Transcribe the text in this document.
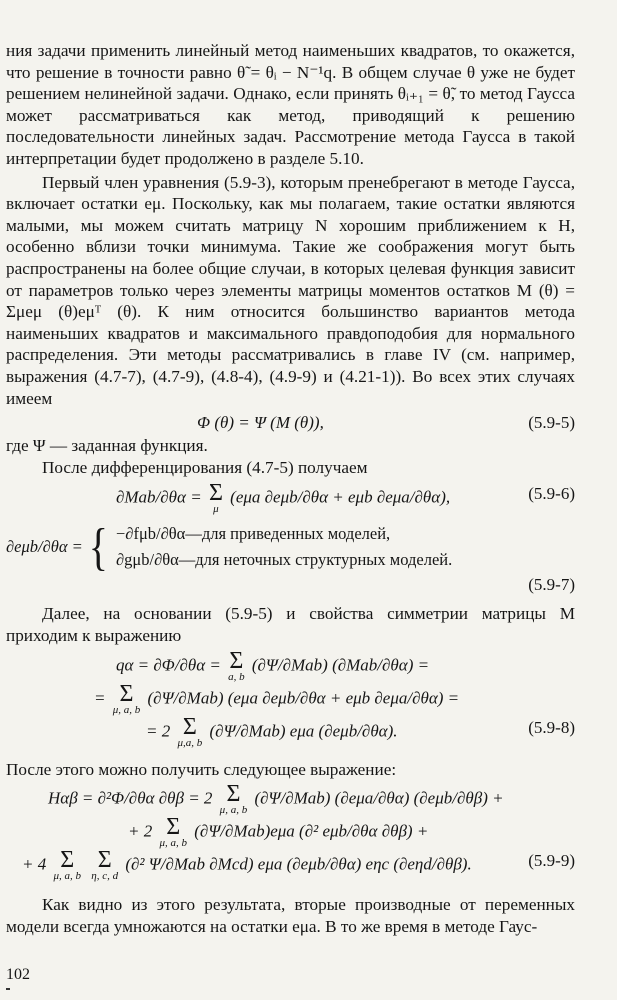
ния задачи применить линейный метод наименьших квадратов, то окажется, что решение в точности равно θ̃ = θᵢ − N⁻¹q. В общем случае θ уже не будет решением нелинейной задачи. Однако, если принять θᵢ₊₁ = θ̃, то метод Гаусса может рассматриваться как метод, приводящий к решению последовательности линейных задач. Рассмотрение метода Гаусса в такой интерпретации будет продолжено в разделе 5.10.

Первый член уравнения (5.9-3), которым пренебрегают в методе Гаусса, включает остатки eμ. Поскольку, как мы полагаем, такие остатки являются малыми, мы можем считать матрицу N хорошим приближением к H, особенно вблизи точки минимума. Такие же соображения могут быть распространены на более общие случаи, в которых целевая функция зависит от параметров только через элементы матрицы моментов остатков M (θ) = Σμeμ (θ)eμᵀ (θ). К ним относится большинство вариантов метода наименьших квадратов и максимального правдоподобия для нормального распределения. Эти методы рассматривались в главе IV (см. например, выражения (4.7-7), (4.7-9), (4.8-4), (4.9-9) и (4.21-1)). Во всех этих случаях имеем

Φ (θ) = Ψ (M (θ)),	(5.9-5)

где Ψ — заданная функция.

После дифференцирования (4.7-5) получаем

∂Mab/∂θα = Σ
μ
(eμa ∂eμb/∂θα + eμb ∂eμa/∂θα),	(5.9-6)
∂eμb/∂θα = { −∂fμb/∂θα—для приведенных моделей,
∂gμb/∂θα—для неточных структурных моделей.
(5.9-7)

Далее, на основании (5.9-5) и свойства симметрии матрицы M приходим к выражению

qα = ∂Φ/∂θα = Σ
a, b
(∂Ψ/∂Mab) (∂Mab/∂θα) =
= Σ
μ, a, b
(∂Ψ/∂Mab) (eμa ∂eμb/∂θα + eμb ∂eμa/∂θα) =
= 2 Σ
μ,a, b
(∂Ψ/∂Mab) eμa (∂eμb/∂θα).	(5.9-8)

После этого можно получить следующее выражение:

Hαβ = ∂²Φ/∂θα ∂θβ = 2 Σ
μ, a, b
(∂Ψ/∂Mab) (∂eμa/∂θα) (∂eμb/∂θβ) +
+ 2 Σ
μ, a, b
(∂Ψ/∂Mab)eμa (∂² eμb/∂θα ∂θβ) +
+ 4 Σ
μ, a, b

Σ
η, c, d
(∂² Ψ/∂Mab ∂Mcd) eμa (∂eμb/∂θα) eηc (∂eηd/∂θβ).	(5.9-9)

Как видно из этого результата, вторые производные от переменных модели всегда умножаются на остатки eμa. В то же время в методе Гаус-

102
